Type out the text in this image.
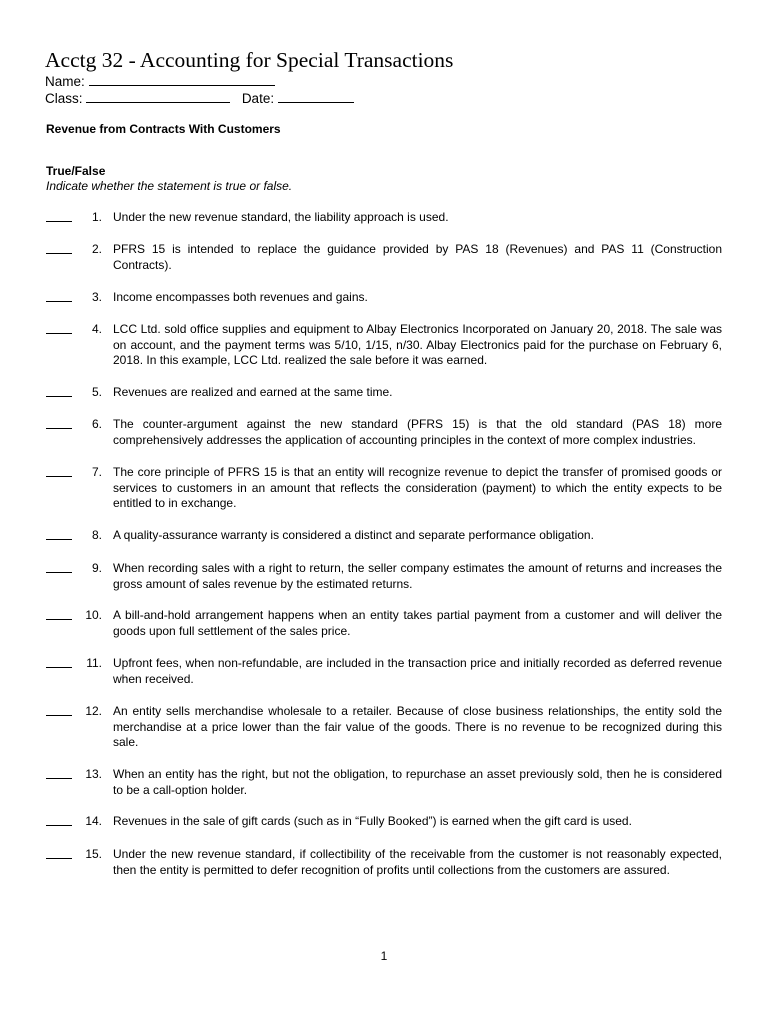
Acctg 32 - Accounting for Special Transactions
Name:
Class:	Date:
Revenue from Contracts With Customers
True/False
Indicate whether the statement is true or false.
1. Under the new revenue standard, the liability approach is used.
2. PFRS 15 is intended to replace the guidance provided by PAS 18 (Revenues) and PAS 11 (Construction Contracts).
3. Income encompasses both revenues and gains.
4. LCC Ltd. sold office supplies and equipment to Albay Electronics Incorporated on January 20, 2018. The sale was on account, and the payment terms was 5/10, 1/15, n/30. Albay Electronics paid for the purchase on February 6, 2018. In this example, LCC Ltd. realized the sale before it was earned.
5. Revenues are realized and earned at the same time.
6. The counter-argument against the new standard (PFRS 15) is that the old standard (PAS 18) more comprehensively addresses the application of accounting principles in the context of more complex industries.
7. The core principle of PFRS 15 is that an entity will recognize revenue to depict the transfer of promised goods or services to customers in an amount that reflects the consideration (payment) to which the entity expects to be entitled to in exchange.
8. A quality-assurance warranty is considered a distinct and separate performance obligation.
9. When recording sales with a right to return, the seller company estimates the amount of returns and increases the gross amount of sales revenue by the estimated returns.
10. A bill-and-hold arrangement happens when an entity takes partial payment from a customer and will deliver the goods upon full settlement of the sales price.
11. Upfront fees, when non-refundable, are included in the transaction price and initially recorded as deferred revenue when received.
12. An entity sells merchandise wholesale to a retailer. Because of close business relationships, the entity sold the merchandise at a price lower than the fair value of the goods. There is no revenue to be recognized during this sale.
13. When an entity has the right, but not the obligation, to repurchase an asset previously sold, then he is considered to be a call-option holder.
14. Revenues in the sale of gift cards (such as in “Fully Booked”) is earned when the gift card is used.
15. Under the new revenue standard, if collectibility of the receivable from the customer is not reasonably expected, then the entity is permitted to defer recognition of profits until collections from the customers are assured.
1
